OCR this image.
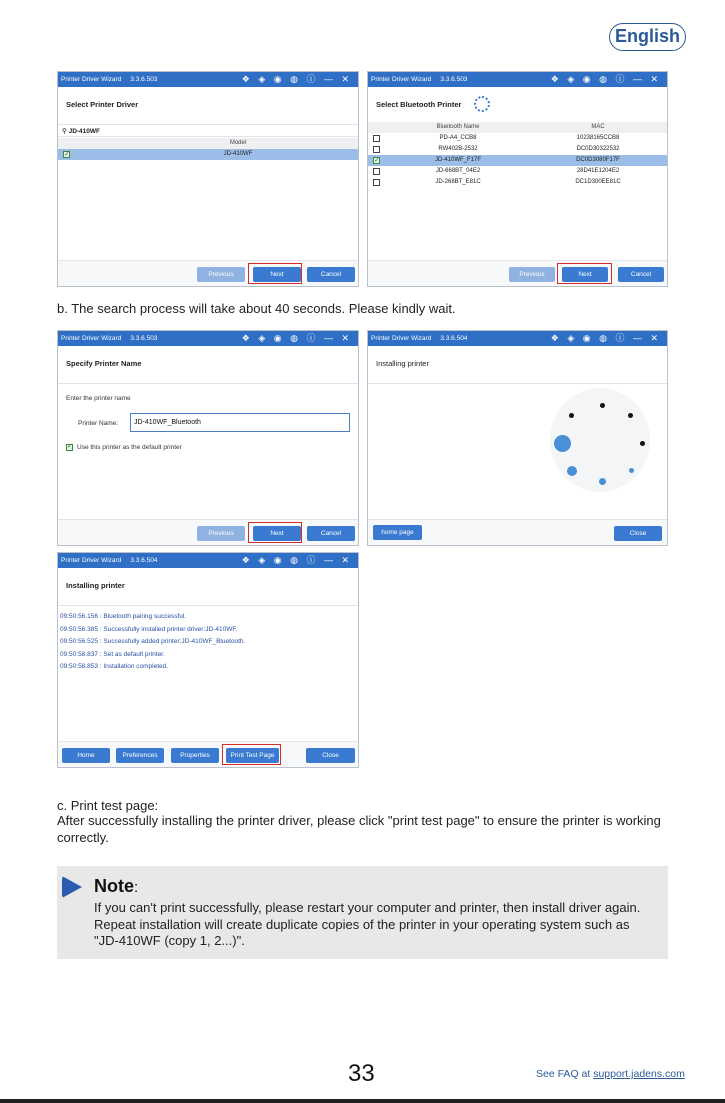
English
Printer Driver Wizard 3.3.6.503	❖ ◈ ◉ ◍ ⓘ — ✕
Select Printer Driver
⚲ JD-410WF
Model
✓
JD-410WF
Previous	Next	Cancel
Printer Driver Wizard 3.3.6.503	❖ ◈ ◉ ◍ ⓘ — ✕
Select Bluetooth Printer
Bluetooth Name	MAC
PD-A4_CCB8	10238165CCB8
RW402B-2532	DC0D30322532
✓
JD-410WF_F17F	DC0D3080F17F
JD-668BT_04E2	28D41E1204E2
JD-268BT_E81C	DC1D300EE81C
Previous	Next	Cancel
b. The search process will take about 40 seconds. Please kindly wait.
Printer Driver Wizard 3.3.6.503	❖ ◈ ◉ ◍ ⓘ — ✕
Specify Printer Name
Enter the printer name
Printer Name:	JD-410WF_Bluetooth
✓
Use this printer as the default printer
Previous	Next	Cancel
Printer Driver Wizard 3.3.6.504	❖ ◈ ◉ ◍ ⓘ — ✕
Installing printer
home page	Close
Printer Driver Wizard 3.3.6.504	❖ ◈ ◉ ◍ ⓘ — ✕
Installing printer
09:50:56.156 : Bluetooth pairing successful.
09:50:56.385 : Successfully installed printer driver:JD-410WF.
09:50:56.525 : Successfully added printer:JD-410WF_Bluetooth.
09:50:58.837 : Set as default printer.
09:50:58.853 : Installation completed.
Home	Preferences	Properties	Print Test Page	Close
c. Print test page:
After successfully installing the printer driver, please click "print test page" to ensure the printer is working correctly.
Note:
If you can't print successfully, please restart your computer and printer, then install driver again. Repeat installation will create duplicate copies of the printer in your operating system such as "JD-410WF (copy 1, 2...)".
33	See FAQ at support.jadens.com
